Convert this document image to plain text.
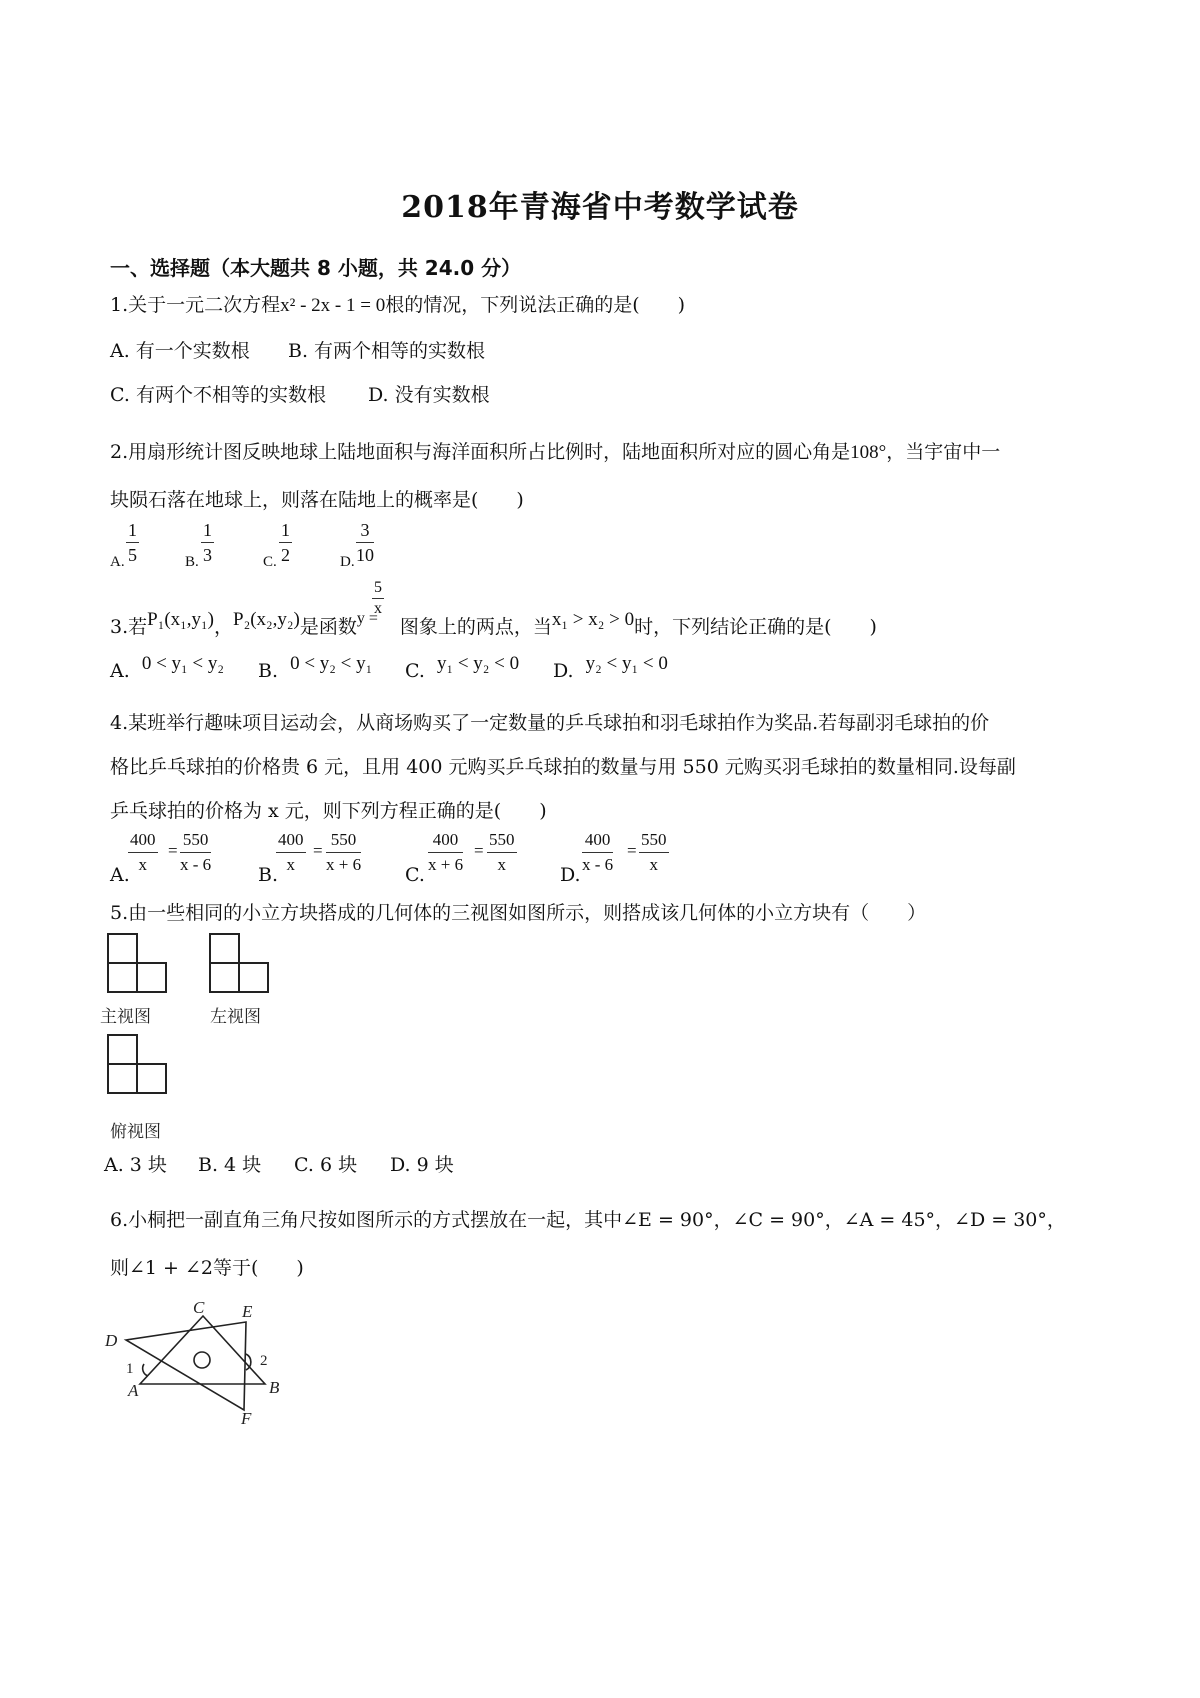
2018年青海省中考数学试卷
一、选择题（本大题共 8 小题，共 24.0 分）
1.关于一元二次方程x² - 2x - 1 = 0根的情况，下列说法正确的是(　　)
A. 有一个实数根 B. 有两个相等的实数根
C. 有两个不相等的实数根 D. 没有实数根
2.用扇形统计图反映地球上陆地面积与海洋面积所占比例时，陆地面积所对应的圆心角是108°，当宇宙中一
块陨石落在地球上，则落在陆地上的概率是(　　)
A. $\frac{1}{5}$	B. $\frac{1}{3}$	C. $\frac{1}{2}$	D. $\frac{3}{10}$
3.若P₁(x₁,y₁)，P₂(x₂,y₂)是函数$^{y =}$ 图象上的两点，当x₁ > x₂ > 0时，下列结论正确的是(　　)
$\frac{5}{x}$
A. 0 < y₁ < y₂ B. 0 < y₂ < y₁ C. y₁ < y₂ < 0 D. y₂ < y₁ < 0
4.某班举行趣味项目运动会，从商场购买了一定数量的乒乓球拍和羽毛球拍作为奖品.若每副羽毛球拍的价
格比乒乓球拍的价格贵 6 元，且用 400 元购买乒乓球拍的数量与用 550 元购买羽毛球拍的数量相同.设每副
乒乓球拍的价格为 x 元，则下列方程正确的是(　　)
A.
$\frac{400}{x} = \frac{550}{x - 6} B$.
$\frac{400}{x} = \frac{550}{x + 6} C$. $\frac{400}{x + 6} = \frac{550}{x} D$. $\frac{400}{x - 6} = \frac{550}{x}$
5.由一些相同的小立方块搭成的几何体的三视图如图所示，则搭成该几何体的小立方块有（　　）
主视图	左视图
俯视图
A. 3 块 B. 4 块 C. 6 块 D. 9 块
6.小桐把一副直角三角尺按如图所示的方式摆放在一起，其中∠E = 90°，∠C = 90°，∠A = 45°，∠D = 30°，
则∠1 + ∠2等于(　　)
C E
D
1	2
A	B
F
